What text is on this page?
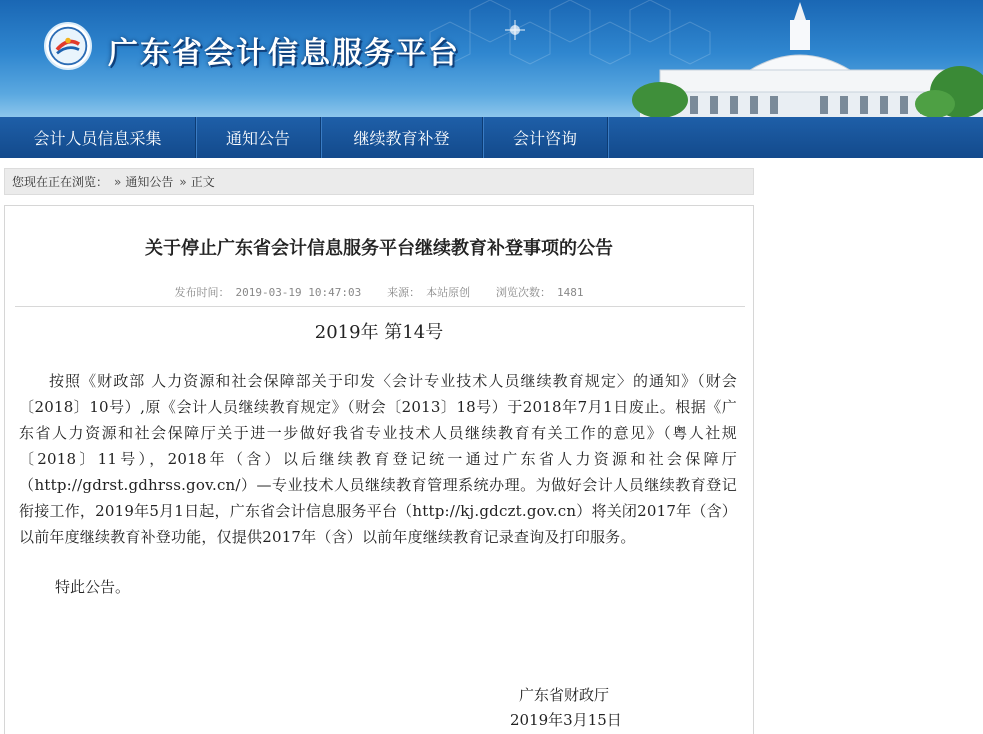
广东省会计信息服务平台
会计人员信息采集	通知公告	继续教育补登	会计咨询
您现在正在浏览： » 通知公告 » 正文
关于停止广东省会计信息服务平台继续教育补登事项的公告
发布时间： 2019-03-19 10:47:03 来源： 本站原创 浏览次数： 1481
2019年 第14号

按照《财政部 人力资源和社会保障部关于印发〈会计专业技术人员继续教育规定〉的通知》（财会〔2018〕10号）,原《会计人员继续教育规定》（财会〔2013〕18号）于2018年7月1日废止。根据《广东省人力资源和社会保障厅关于进一步做好我省专业技术人员继续教育有关工作的意见》（粤人社规〔2018〕11号），2018年（含）以后继续教育登记统一通过广东省人力资源和社会保障厅（http://gdrst.gdhrss.gov.cn/）—专业技术人员继续教育管理系统办理。为做好会计人员继续教育登记衔接工作，2019年5月1日起，广东省会计信息服务平台（http://kj.gdczt.gov.cn）将关闭2017年（含）以前年度继续教育补登功能，仅提供2017年（含）以前年度继续教育记录查询及打印服务。

特此公告。
广东省财政厅
2019年3月15日
